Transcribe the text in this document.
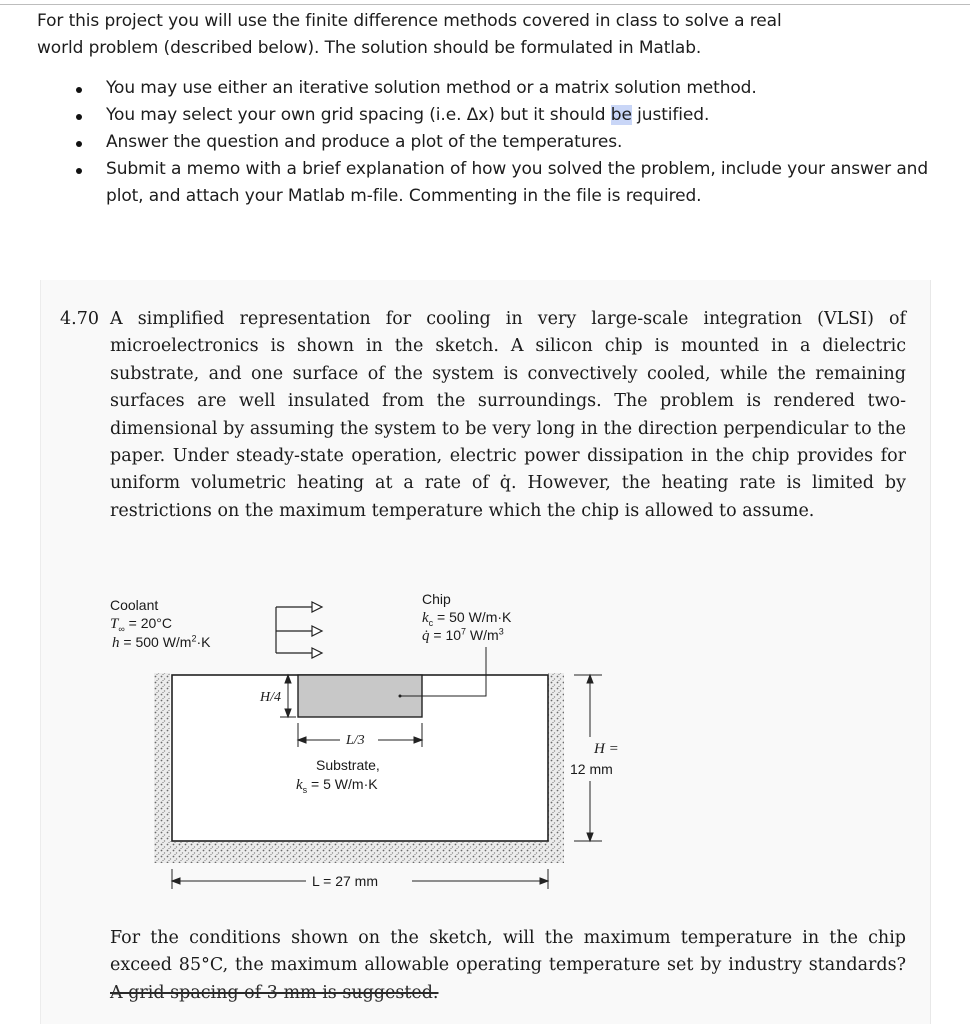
For this project you will use the finite difference methods covered in class to solve a real

world problem (described below). The solution should be formulated in Matlab.

You may use either an iterative solution method or a matrix solution method.
You may select your own grid spacing (i.e. Δx) but it should be justified.
Answer the question and produce a plot of the temperatures.
Submit a memo with a brief explanation of how you solved the problem, include your answer and plot, and attach your Matlab m-file. Commenting in the file is required.
4.70 A simplified representation for cooling in very large-scale integration (VLSI) of microelectronics is shown in the sketch. A silicon chip is mounted in a dielectric substrate, and one surface of the system is convectively cooled, while the remaining surfaces are well insulated from the surroundings. The problem is rendered two-dimensional by assuming the system to be very long in the direction perpendicular to the paper. Under steady-state operation, electric power dissipation in the chip provides for uniform volumetric heating at a rate of q̇. However, the heating rate is limited by restrictions on the maximum temperature which the chip is allowed to assume.
Coolant
$T_\infty = 20^\circ C$
h = 500 $W/m^2\cdot K$
Chip
$k_c = 50$ W/m·K
q̇ = $10^7$ $W/m^3$
H/4
L/3
Substrate,
$k_s = 5$ W/m·K
H =
12 mm
L = 27 mm
For the conditions shown on the sketch, will the maximum temperature in the chip exceed 85°C, the maximum allowable operating temperature set by industry standards? A grid spacing of 3 mm is suggested.
